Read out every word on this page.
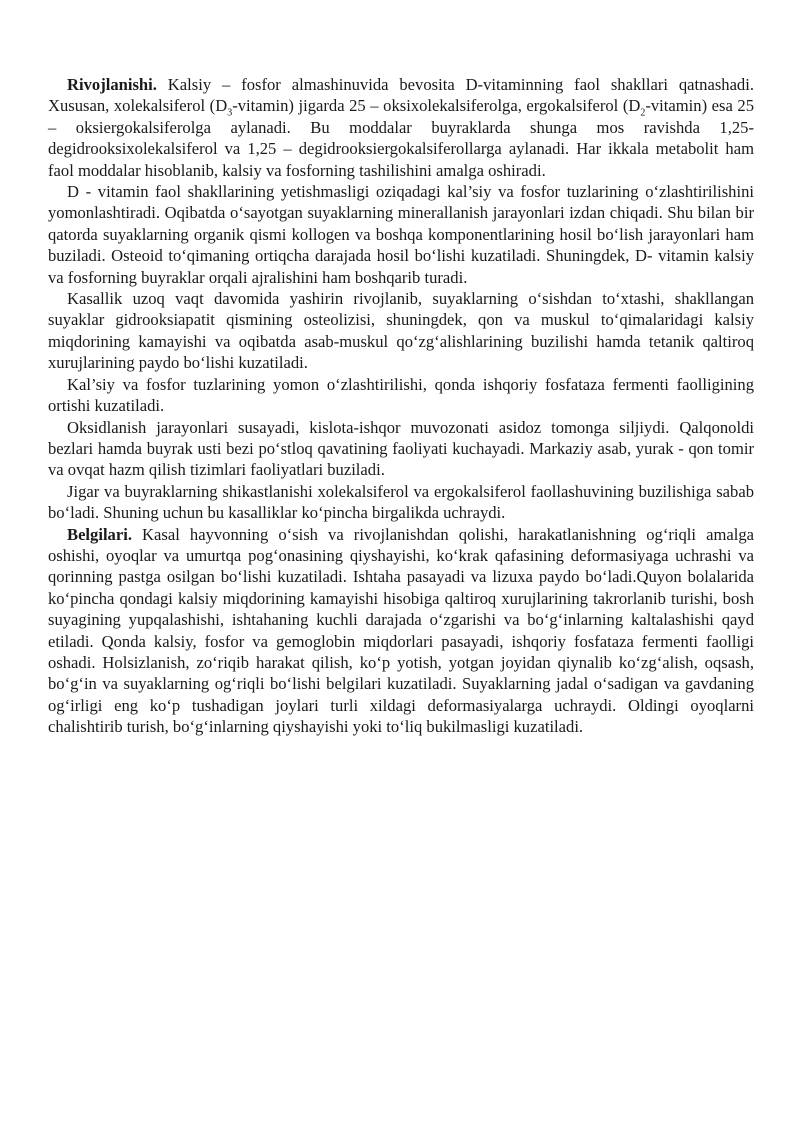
Rivojlanishi. Kalsiy – fosfor almashinuvida bevosita D-vitaminning faol shakllari qatnashadi. Xususan, xolekalsiferol $(D_3-vitamin)$ jigarda 25 – oksixolekalsiferolga, ergokalsiferol $(D_2-vitamin)$ esa 25 – oksiergokalsiferolga aylanadi. Bu moddalar buyraklarda shunga mos ravishda 1,25-degidrooksixolekalsiferol va 1,25 – degidrooksiergokalsiferollarga aylanadi. Har ikkala metabolit ham faol moddalar hisoblanib, kalsiy va fosforning tashilishini amalga oshiradi.

D - vitamin faol shakllarining yetishmasligi oziqadagi kal’siy va fosfor tuzlarining o‘zlashtirilishini yomonlashtiradi. Oqibatda o‘sayotgan suyaklarning minerallanish jarayonlari izdan chiqadi. Shu bilan bir qatorda suyaklarning organik qismi kollogen va boshqa komponentlarining hosil bo‘lish jarayonlari ham buziladi. Osteoid to‘qimaning ortiqcha darajada hosil bo‘lishi kuzatiladi. Shuningdek, D- vitamin kalsiy va fosforning buyraklar orqali ajralishini ham boshqarib turadi.

Kasallik uzoq vaqt davomida yashirin rivojlanib, suyaklarning o‘sishdan to‘xtashi, shakllangan suyaklar gidrooksiapatit qismining osteolizisi, shuningdek, qon va muskul to‘qimalaridagi kalsiy miqdorining kamayishi va oqibatda asab-muskul qo‘zg‘alishlarining buzilishi hamda tetanik qaltiroq xurujlarining paydo bo‘lishi kuzatiladi.

Kal’siy va fosfor tuzlarining yomon o‘zlashtirilishi, qonda ishqoriy fosfataza fermenti faolligining ortishi kuzatiladi.

Oksidlanish jarayonlari susayadi, kislota-ishqor muvozonati asidoz tomonga siljiydi. Qalqonoldi bezlari hamda buyrak usti bezi po‘stloq qavatining faoliyati kuchayadi. Markaziy asab, yurak - qon tomir va ovqat hazm qilish tizimlari faoliyatlari buziladi.

Jigar va buyraklarning shikastlanishi xolekalsiferol va ergokalsiferol faollashuvining buzilishiga sabab bo‘ladi. Shuning uchun bu kasalliklar ko‘pincha birgalikda uchraydi.

Belgilari. Kasal hayvonning o‘sish va rivojlanishdan qolishi, harakatlanishning og‘riqli amalga oshishi, oyoqlar va umurtqa pog‘onasining qiyshayishi, ko‘krak qafasining deformasiyaga uchrashi va qorinning pastga osilgan bo‘lishi kuzatiladi. Ishtaha pasayadi va lizuxa paydo bo‘ladi.Quyon bolalarida ko‘pincha qondagi kalsiy miqdorining kamayishi hisobiga qaltiroq xurujlarining takrorlanib turishi, bosh suyagining yupqalashishi, ishtahaning kuchli darajada o‘zgarishi va bo‘g‘inlarning kaltalashishi qayd etiladi. Qonda kalsiy, fosfor va gemoglobin miqdorlari pasayadi, ishqoriy fosfataza fermenti faolligi oshadi. Holsizlanish, zo‘riqib harakat qilish, ko‘p yotish, yotgan joyidan qiynalib ko‘zg‘alish, oqsash, bo‘g‘in va suyaklarning og‘riqli bo‘lishi belgilari kuzatiladi. Suyaklarning jadal o‘sadigan va gavdaning og‘irligi eng ko‘p tushadigan joylari turli xildagi deformasiyalarga uchraydi. Oldingi oyoqlarni chalishtirib turish, bo‘g‘inlarning qiyshayishi yoki to‘liq bukilmasligi kuzatiladi.
